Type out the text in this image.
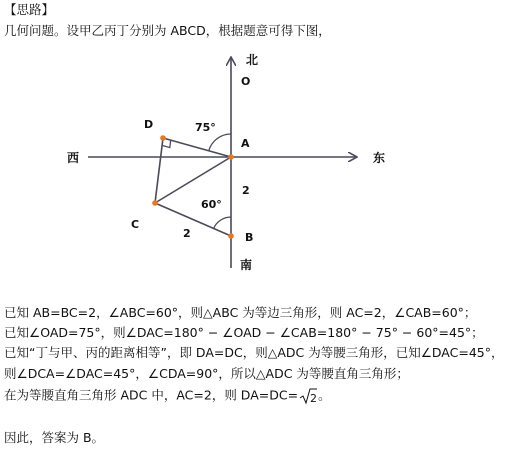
【思路】
几何问题。设甲乙丙丁分别为 ABCD，根据题意可得下图，
北
南
西	东
O
A
B
C
D	75°
60°
2
2
已知 AB=BC=2，∠ABC=60°，则△ABC 为等边三角形，则 AC=2，∠CAB=60°；
已知∠OAD=75°，则∠DAC=180° − ∠OAD − ∠CAB=180° − 75° − 60°=45°；
已知“丁与甲、丙的距离相等”，即 DA=DC，则△ADC 为等腰三角形，已知∠DAC=45°，
则∠DCA=∠DAC=45°，∠CDA=90°，所以△ADC 为等腰直角三角形；
在为等腰直角三角形 ADC 中，AC=2，则 DA=DC= 2 。
因此，答案为 B。
